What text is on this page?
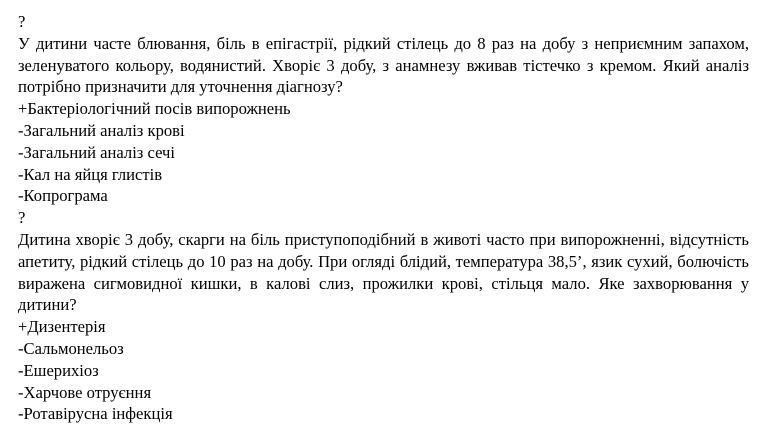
?
У дитини часте блювання, біль в епігастрії, рідкий стілець до 8 раз на добу з неприємним запахом, зеленуватого кольору, водянистий. Хворіє 3 добу, з анамнезу вживав тістечко з кремом. Який аналіз потрібно призначити для уточнення діагнозу?
+Бактеріологічний посів випорожнень
-Загальний аналіз крові
-Загальний аналіз сечі
-Кал на яйця глистів
-Копрограма
?
Дитина хворіє 3 добу, скарги на біль приступоподібний в животі часто при випорожненні, відсутність апетиту, рідкий стілець до 10 раз на добу. При огляді блідий, температура 38,5’, язик сухий, болючість виражена сигмовидної кишки, в калові слиз, прожилки крові, стільця мало. Яке захворювання у дитини?
+Дизентерія
-Сальмонельоз
-Ешерихіоз
-Харчове отруєння
-Ротавірусна інфекція
